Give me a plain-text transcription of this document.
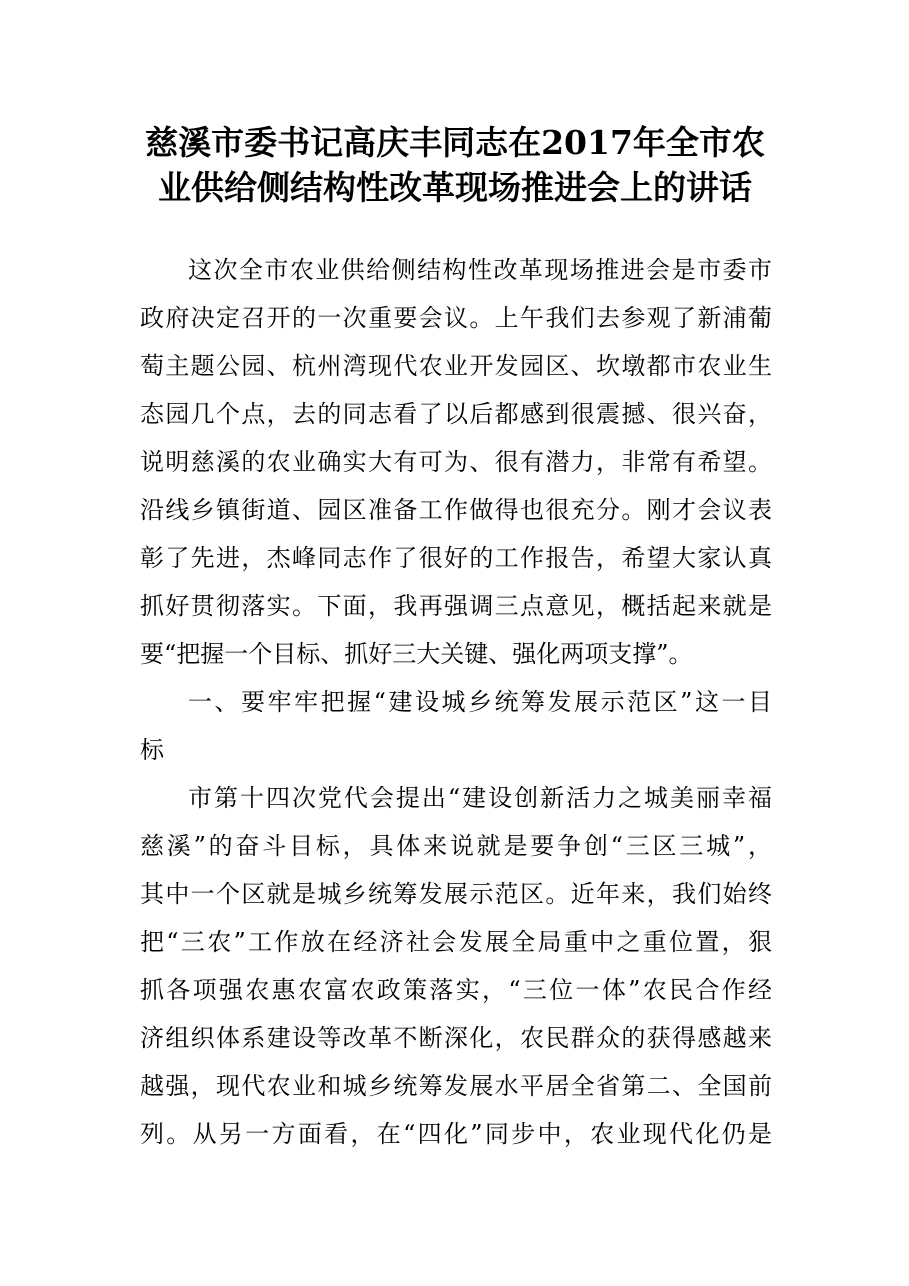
慈溪市委书记高庆丰同志在2017年全市农
业供给侧结构性改革现场推进会上的讲话
这次全市农业供给侧结构性改革现场推进会是市委市
政府决定召开的一次重要会议。上午我们去参观了新浦葡
萄主题公园、杭州湾现代农业开发园区、坎墩都市农业生
态园几个点，去的同志看了以后都感到很震撼、很兴奋，
说明慈溪的农业确实大有可为、很有潜力，非常有希望。
沿线乡镇街道、园区准备工作做得也很充分。刚才会议表
彰了先进，杰峰同志作了很好的工作报告，希望大家认真
抓好贯彻落实。下面，我再强调三点意见，概括起来就是
要“把握一个目标、抓好三大关键、强化两项支撑”。
一、要牢牢把握“建设城乡统筹发展示范区”这一目
标
市第十四次党代会提出“建设创新活力之城美丽幸福
慈溪”的奋斗目标，具体来说就是要争创“三区三城”，
其中一个区就是城乡统筹发展示范区。近年来，我们始终
把“三农”工作放在经济社会发展全局重中之重位置，狠
抓各项强农惠农富农政策落实，“三位一体”农民合作经
济组织体系建设等改革不断深化，农民群众的获得感越来
越强，现代农业和城乡统筹发展水平居全省第二、全国前
列。从另一方面看，在“四化”同步中，农业现代化仍是
